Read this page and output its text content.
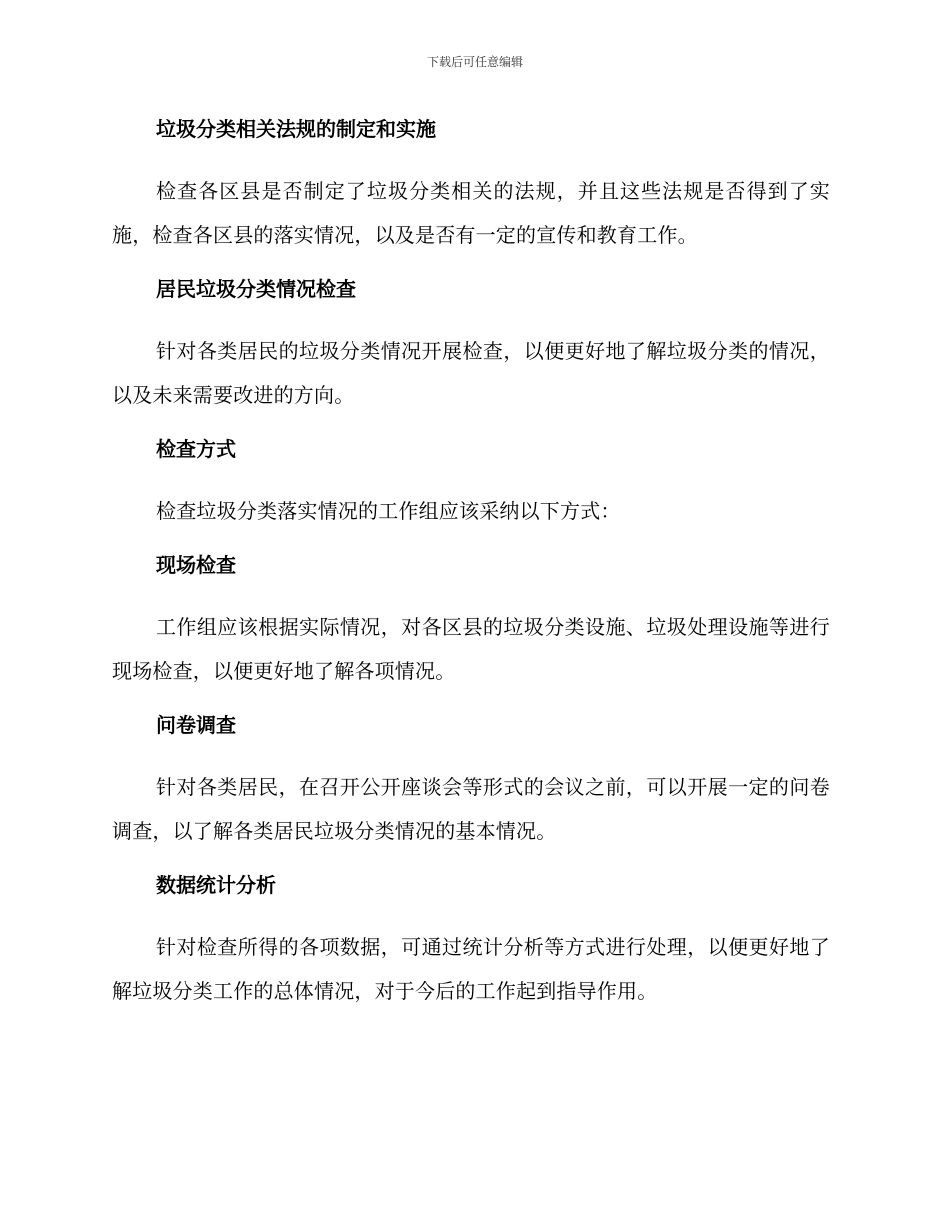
下载后可任意编辑
垃圾分类相关法规的制定和实施
检查各区县是否制定了垃圾分类相关的法规，并且这些法规是否得到了实施，检查各区县的落实情况，以及是否有一定的宣传和教育工作。
居民垃圾分类情况检查
针对各类居民的垃圾分类情况开展检查，以便更好地了解垃圾分类的情况，以及未来需要改进的方向。
检查方式
检查垃圾分类落实情况的工作组应该采纳以下方式：
现场检查
工作组应该根据实际情况，对各区县的垃圾分类设施、垃圾处理设施等进行现场检查，以便更好地了解各项情况。
问卷调查
针对各类居民，在召开公开座谈会等形式的会议之前，可以开展一定的问卷调查，以了解各类居民垃圾分类情况的基本情况。
数据统计分析
针对检查所得的各项数据，可通过统计分析等方式进行处理，以便更好地了解垃圾分类工作的总体情况，对于今后的工作起到指导作用。
